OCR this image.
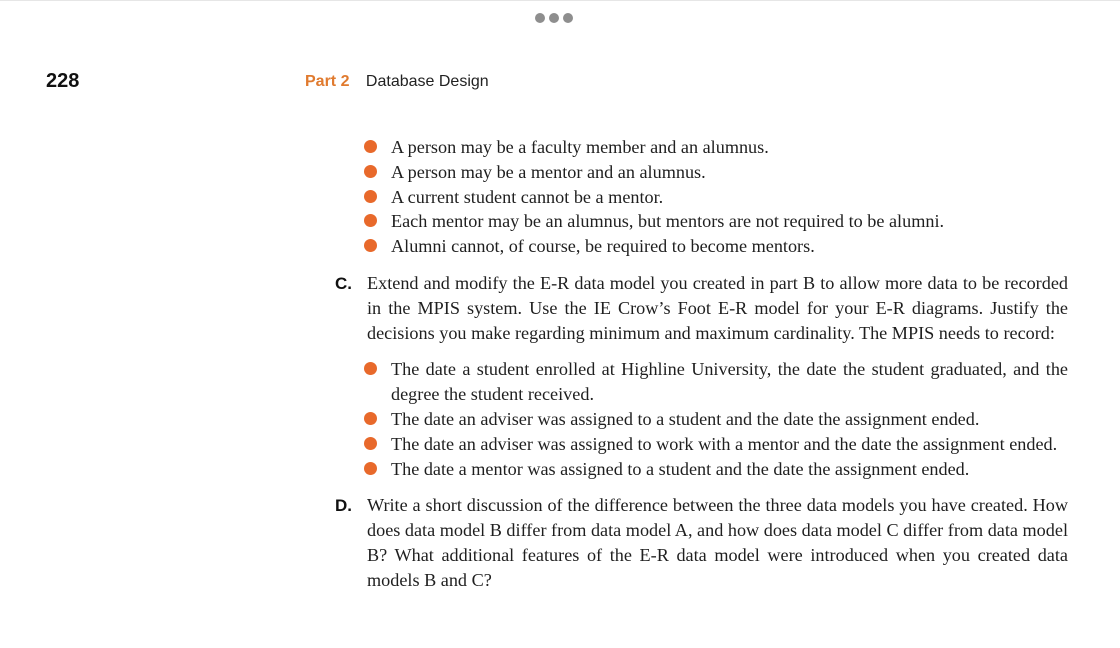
228	Part 2 Database Design
A person may be a faculty member and an alumnus.
A person may be a mentor and an alumnus.
A current student cannot be a mentor.
Each mentor may be an alumnus, but mentors are not required to be alumni.
Alumni cannot, of course, be required to become mentors.
C. Extend and modify the E-R data model you created in part B to allow more data to be recorded in the MPIS system. Use the IE Crow’s Foot E-R model for your E-R diagrams. Justify the decisions you make regarding minimum and maximum cardinality. The MPIS needs to record:
The date a student enrolled at Highline University, the date the student graduated, and the degree the student received.
The date an adviser was assigned to a student and the date the assignment ended.
The date an adviser was assigned to work with a mentor and the date the assignment ended.
The date a mentor was assigned to a student and the date the assignment ended.
D. Write a short discussion of the difference between the three data models you have created. How does data model B differ from data model A, and how does data model C differ from data model B? What additional features of the E-R data model were introduced when you created data models B and C?
